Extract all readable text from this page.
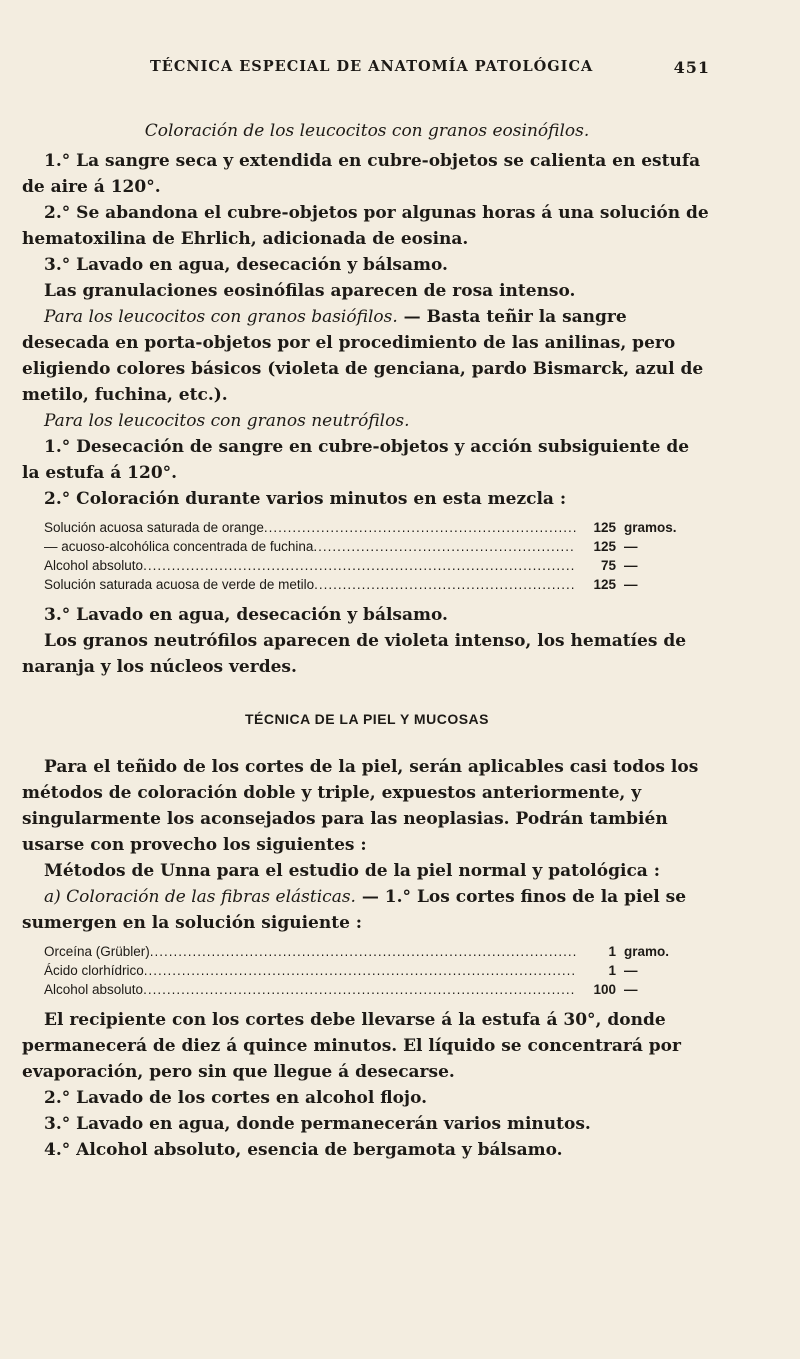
TÉCNICA ESPECIAL DE ANATOMÍA PATOLÓGICA	451

Coloración de los leucocitos con granos eosinófilos.

1.° La sangre seca y extendida en cubre-objetos se calienta en estufa de aire á 120°.

2.° Se abandona el cubre-objetos por algunas horas á una solución de hematoxilina de Ehrlich, adicionada de eosina.

3.° Lavado en agua, desecación y bálsamo.

Las granulaciones eosinófilas aparecen de rosa intenso.

Para los leucocitos con granos basiófilos. — Basta teñir la sangre desecada en porta-objetos por el procedimiento de las anilinas, pero eligiendo colores básicos (violeta de genciana, pardo Bismarck, azul de metilo, fuchina, etc.).

Para los leucocitos con granos neutrófilos.

1.° Desecación de sangre en cubre-objetos y acción subsiguiente de la estufa á 120°.

2.° Coloración durante varios minutos en esta mezcla :

Solución acuosa saturada de orange .....	125 gramos.
— acuoso-alcohólica concentrada de fuchina .....	125 —
Alcohol absoluto .....	75 —
Solución saturada acuosa de verde de metilo .....	125 —

3.° Lavado en agua, desecación y bálsamo.

Los granos neutrófilos aparecen de violeta intenso, los hematíes de naranja y los núcleos verdes.

TÉCNICA DE LA PIEL Y MUCOSAS

Para el teñido de los cortes de la piel, serán aplicables casi todos los métodos de coloración doble y triple, expuestos anteriormente, y singularmente los aconsejados para las neoplasias. Podrán también usarse con provecho los siguientes :

Métodos de Unna para el estudio de la piel normal y patológica :

a) Coloración de las fibras elásticas. — 1.° Los cortes finos de la piel se sumergen en la solución siguiente :

Orceína (Grübler) .....	1 gramo.
Ácido clorhídrico .....	1 —
Alcohol absoluto .....	100 —

El recipiente con los cortes debe llevarse á la estufa á 30°, donde permanecerá de diez á quince minutos. El líquido se concentrará por evaporación, pero sin que llegue á desecarse.

2.° Lavado de los cortes en alcohol flojo.

3.° Lavado en agua, donde permanecerán varios minutos.

4.° Alcohol absoluto, esencia de bergamota y bálsamo.
